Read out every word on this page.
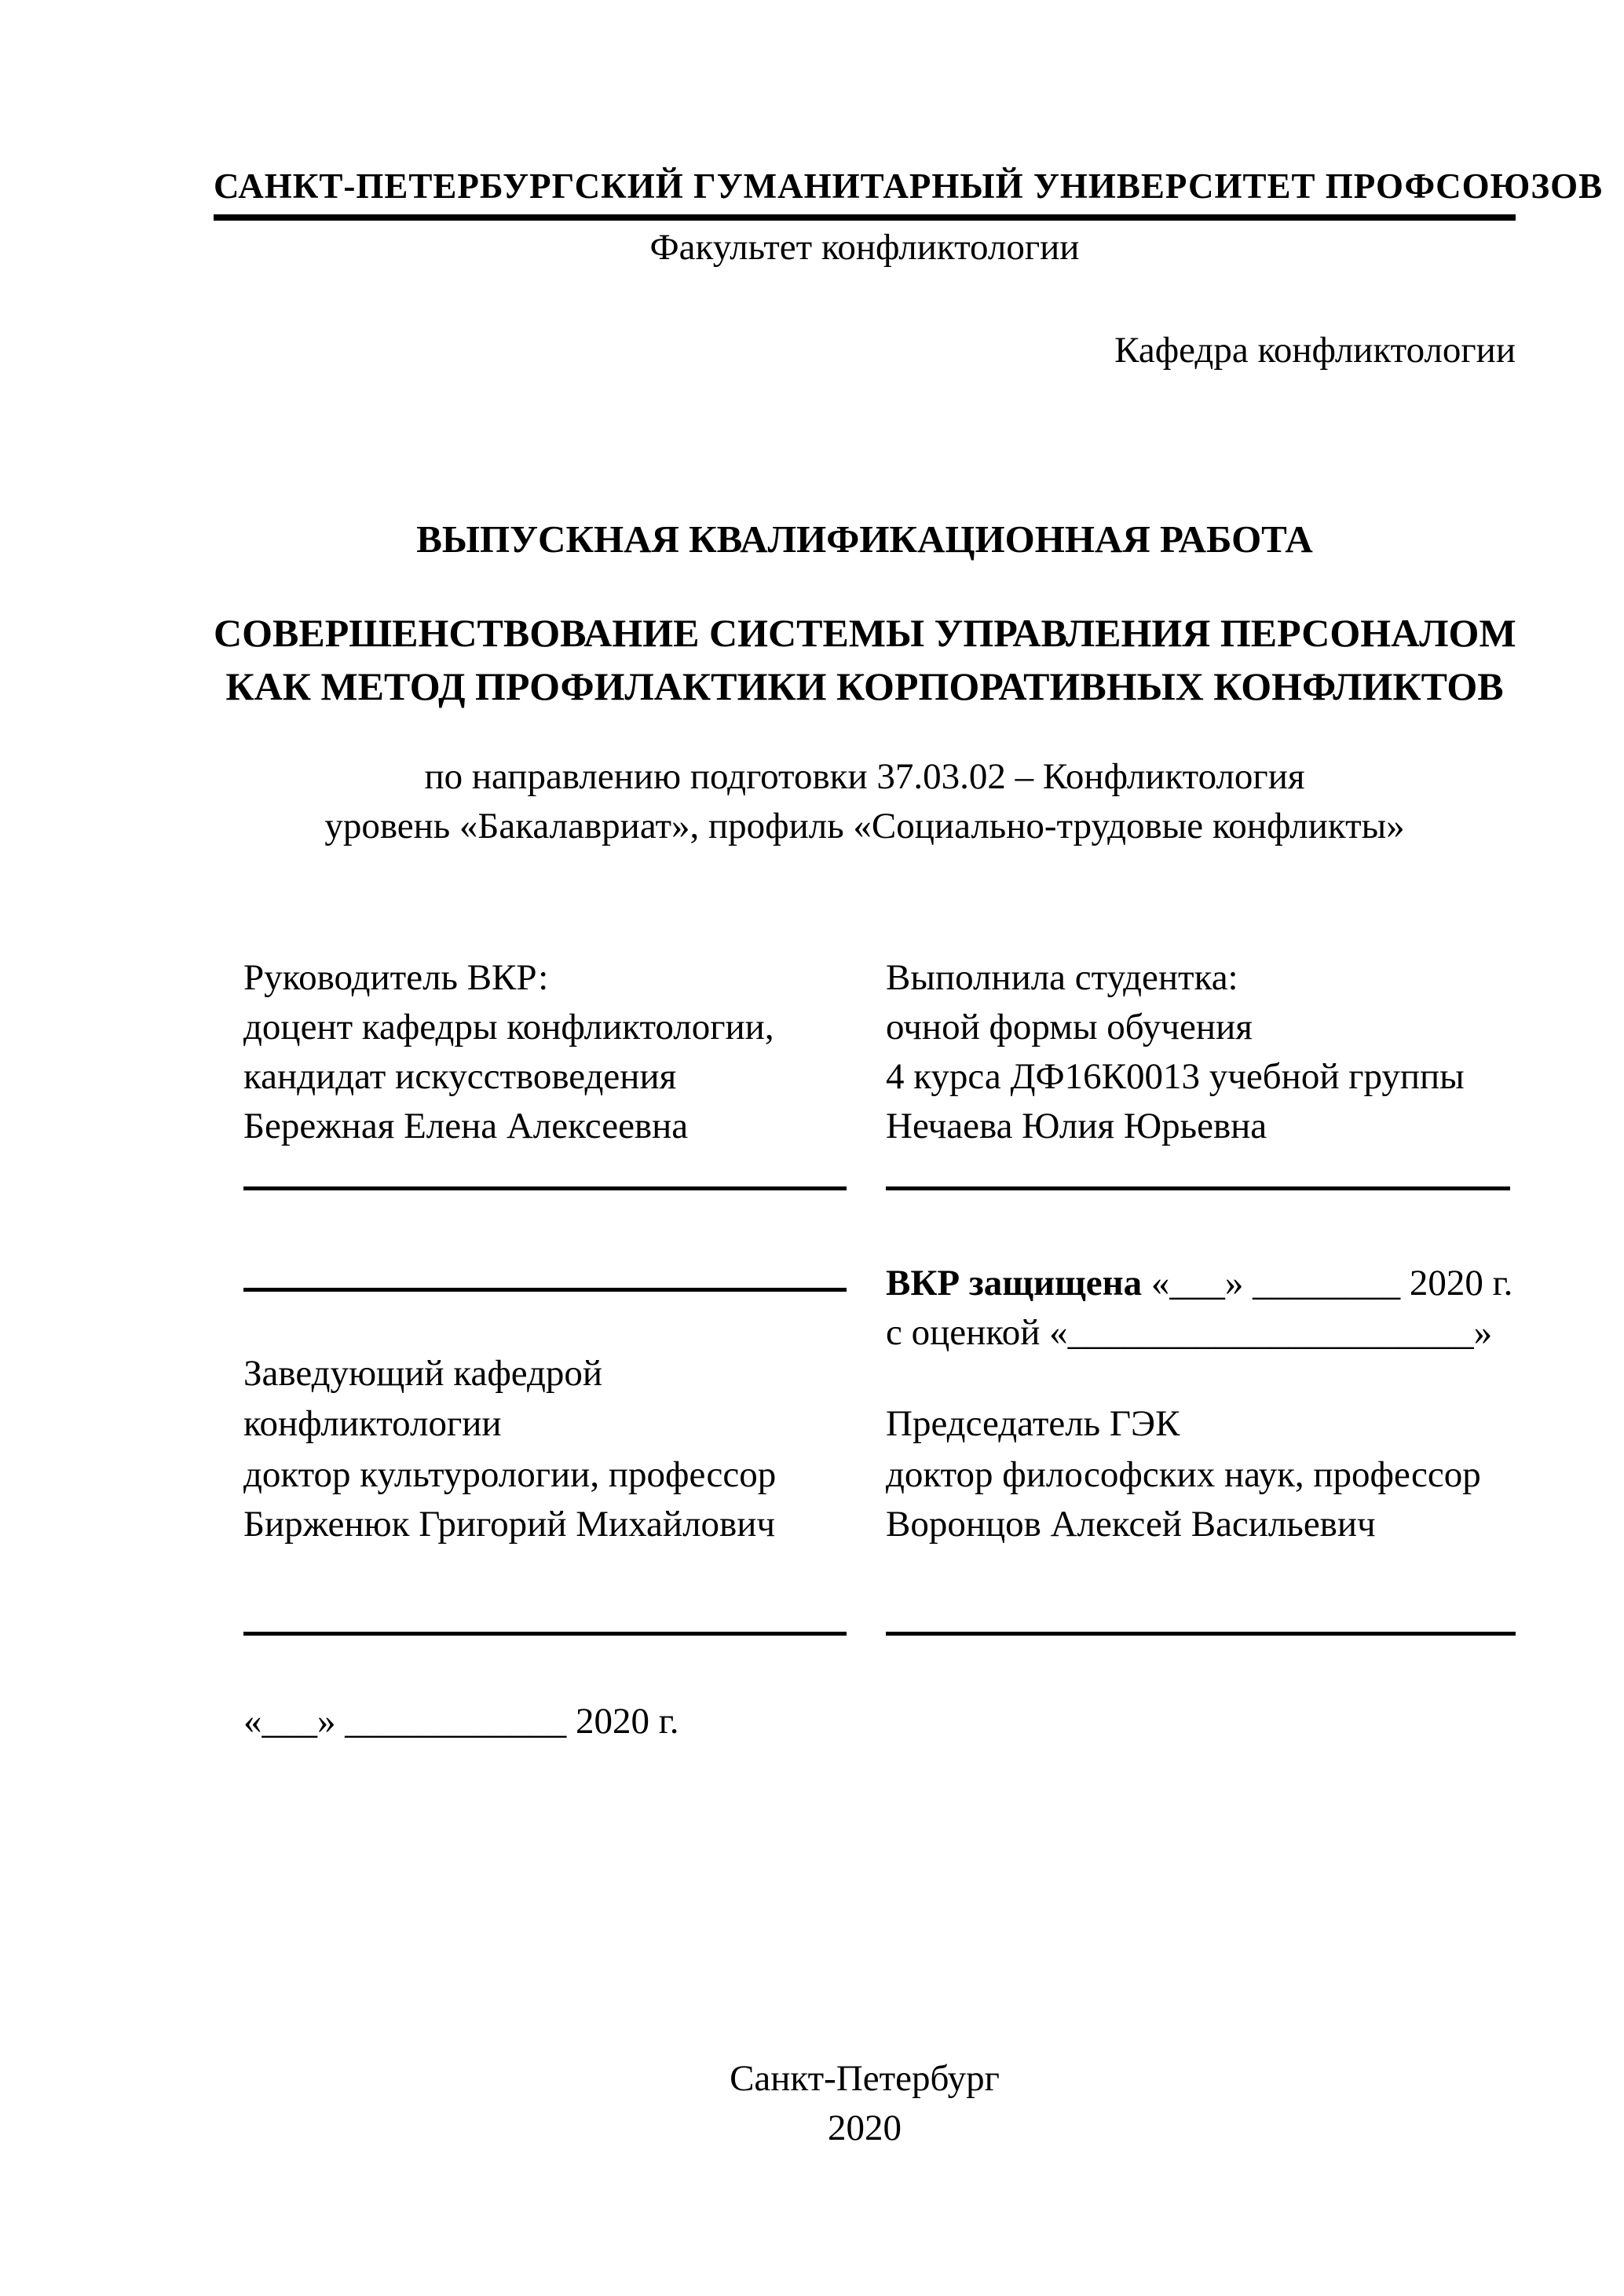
САНКТ-ПЕТЕРБУРГСКИЙ ГУМАНИТАРНЫЙ УНИВЕРСИТЕТ ПРОФСОЮЗОВ
Факультет конфликтологии
Кафедра конфликтологии
ВЫПУСКНАЯ КВАЛИФИКАЦИОННАЯ РАБОТА
СОВЕРШЕНСТВОВАНИЕ СИСТЕМЫ УПРАВЛЕНИЯ ПЕРСОНАЛОМ
КАК МЕТОД ПРОФИЛАКТИКИ КОРПОРАТИВНЫХ КОНФЛИКТОВ
по направлению подготовки 37.03.02 – Конфликтология
уровень «Бакалавриат», профиль «Социально-трудовые конфликты»
Руководитель ВКР:
доцент кафедры конфликтологии,
кандидат искусствоведения
Бережная Елена Алексеевна
Заведующий кафедрой
конфликтологии
доктор культурологии, профессор
Бирженюк Григорий Михайлович
«___» ____________ 2020 г.
Выполнила студентка:
очной формы обучения
4 курса ДФ16К0013 учебной группы
Нечаева Юлия Юрьевна
ВКР защищена «___» ________ 2020 г.
с оценкой «______________________»
Председатель ГЭК
доктор философских наук, профессор
Воронцов Алексей Васильевич
Санкт-Петербург
2020
